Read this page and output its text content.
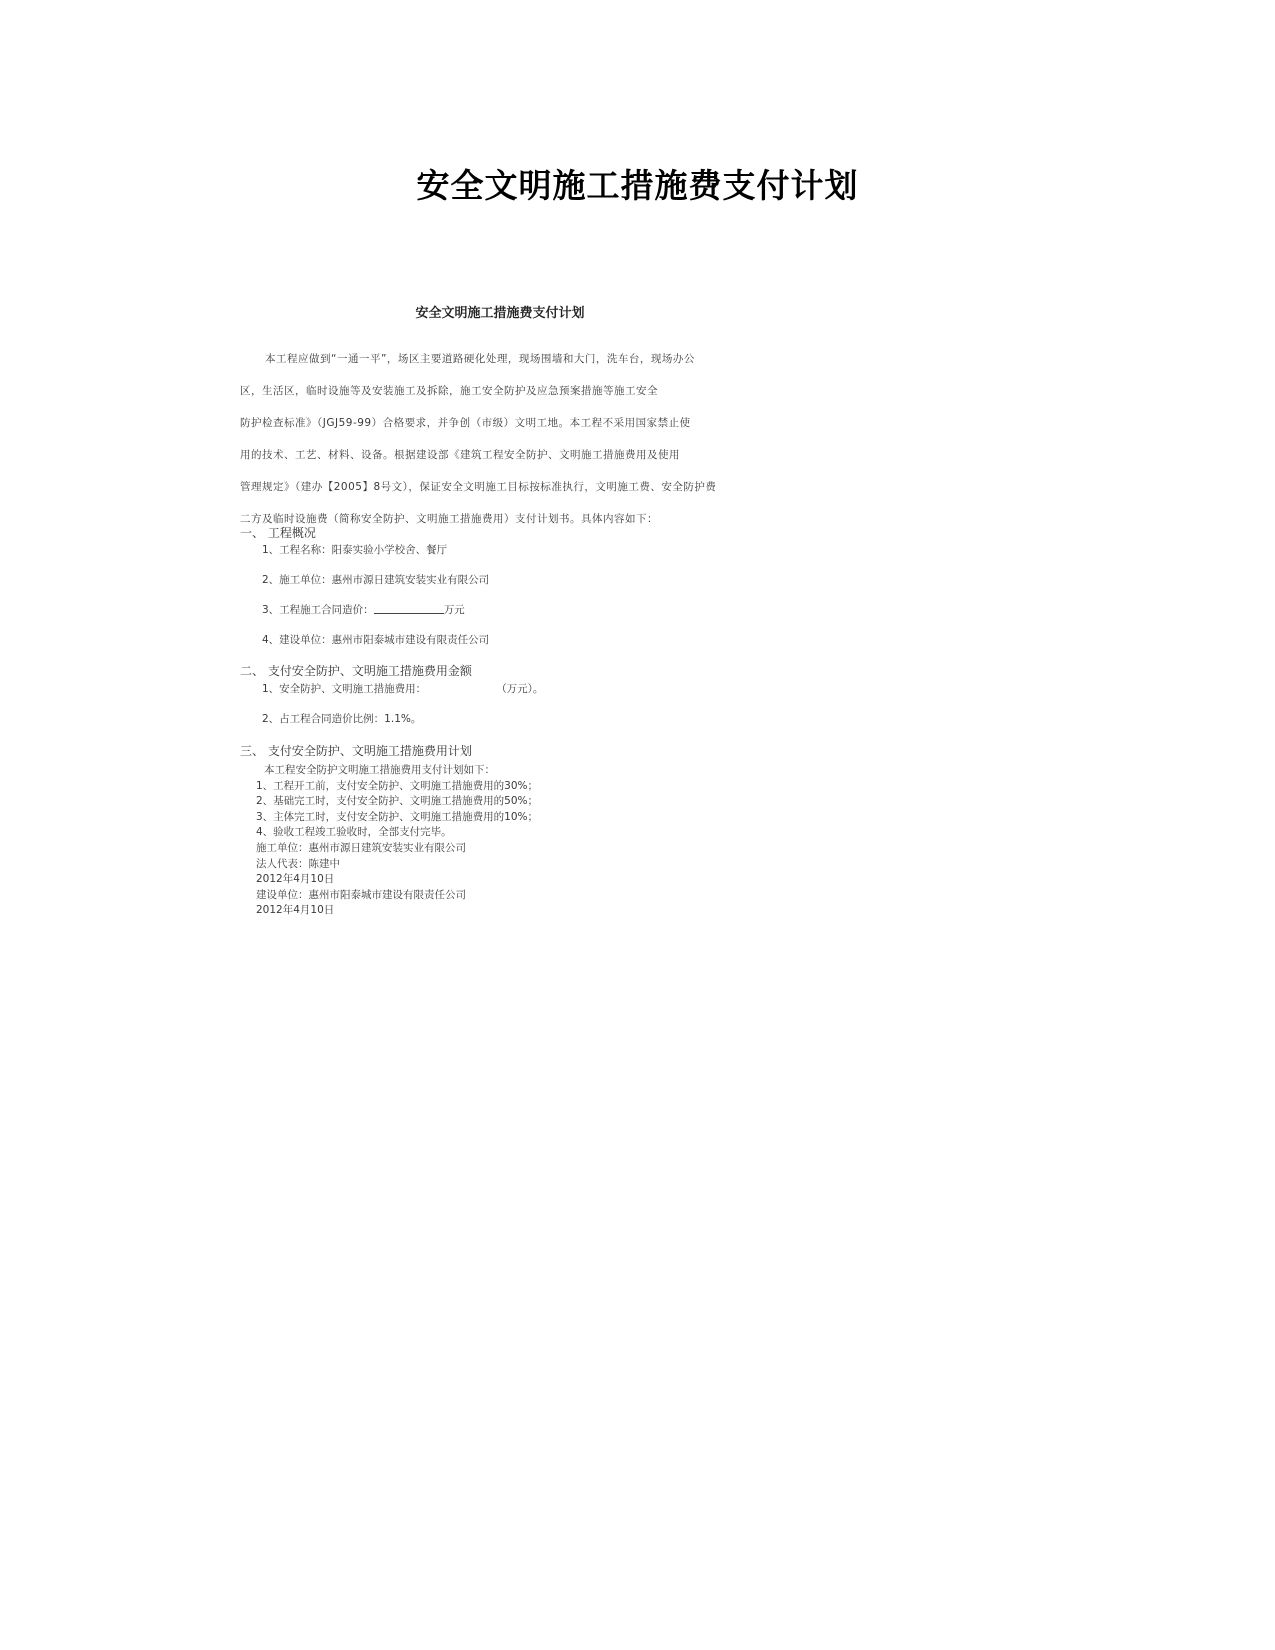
安全文明施工措施费支付计划
安全文明施工措施费支付计划
本工程应做到“一通一平”，场区主要道路硬化处理，现场围墙和大门，洗车台，现场办公
区，生活区，临时设施等及安装施工及拆除，施工安全防护及应急预案措施等施工安全
防护检查标准》（JGJ59-99）合格要求，并争创（市级）文明工地。本工程不采用国家禁止使
用的技术、工艺、材料、设备。根据建设部《建筑工程安全防护、文明施工措施费用及使用
管理规定》（建办【2005】8号文），保证安全文明施工目标按标准执行，文明施工费、安全防护费
二方及临时设施费（简称安全防护、文明施工措施费用）支付计划书。具体内容如下：
一、 工程概况
1、工程名称：阳泰实验小学校舍、餐厅
2、施工单位：惠州市源日建筑安装实业有限公司
3、工程施工合同造价：	万元
4、建设单位：惠州市阳泰城市建设有限责任公司
二、 支付安全防护、文明施工措施费用金额
1、安全防护、文明施工措施费用：	（万元）。
2、占工程合同造价比例：1.1%。
三、 支付安全防护、文明施工措施费用计划
本工程安全防护文明施工措施费用支付计划如下：
1、工程开工前，支付安全防护、文明施工措施费用的30%；
2、基础完工时，支付安全防护、文明施工措施费用的50%；
3、主体完工时，支付安全防护、文明施工措施费用的10%；
4、验收工程竣工验收时，全部支付完毕。
施工单位：惠州市源日建筑安装实业有限公司
法人代表：陈建中
2012年4月10日
建设单位：惠州市阳泰城市建设有限责任公司
2012年4月10日
